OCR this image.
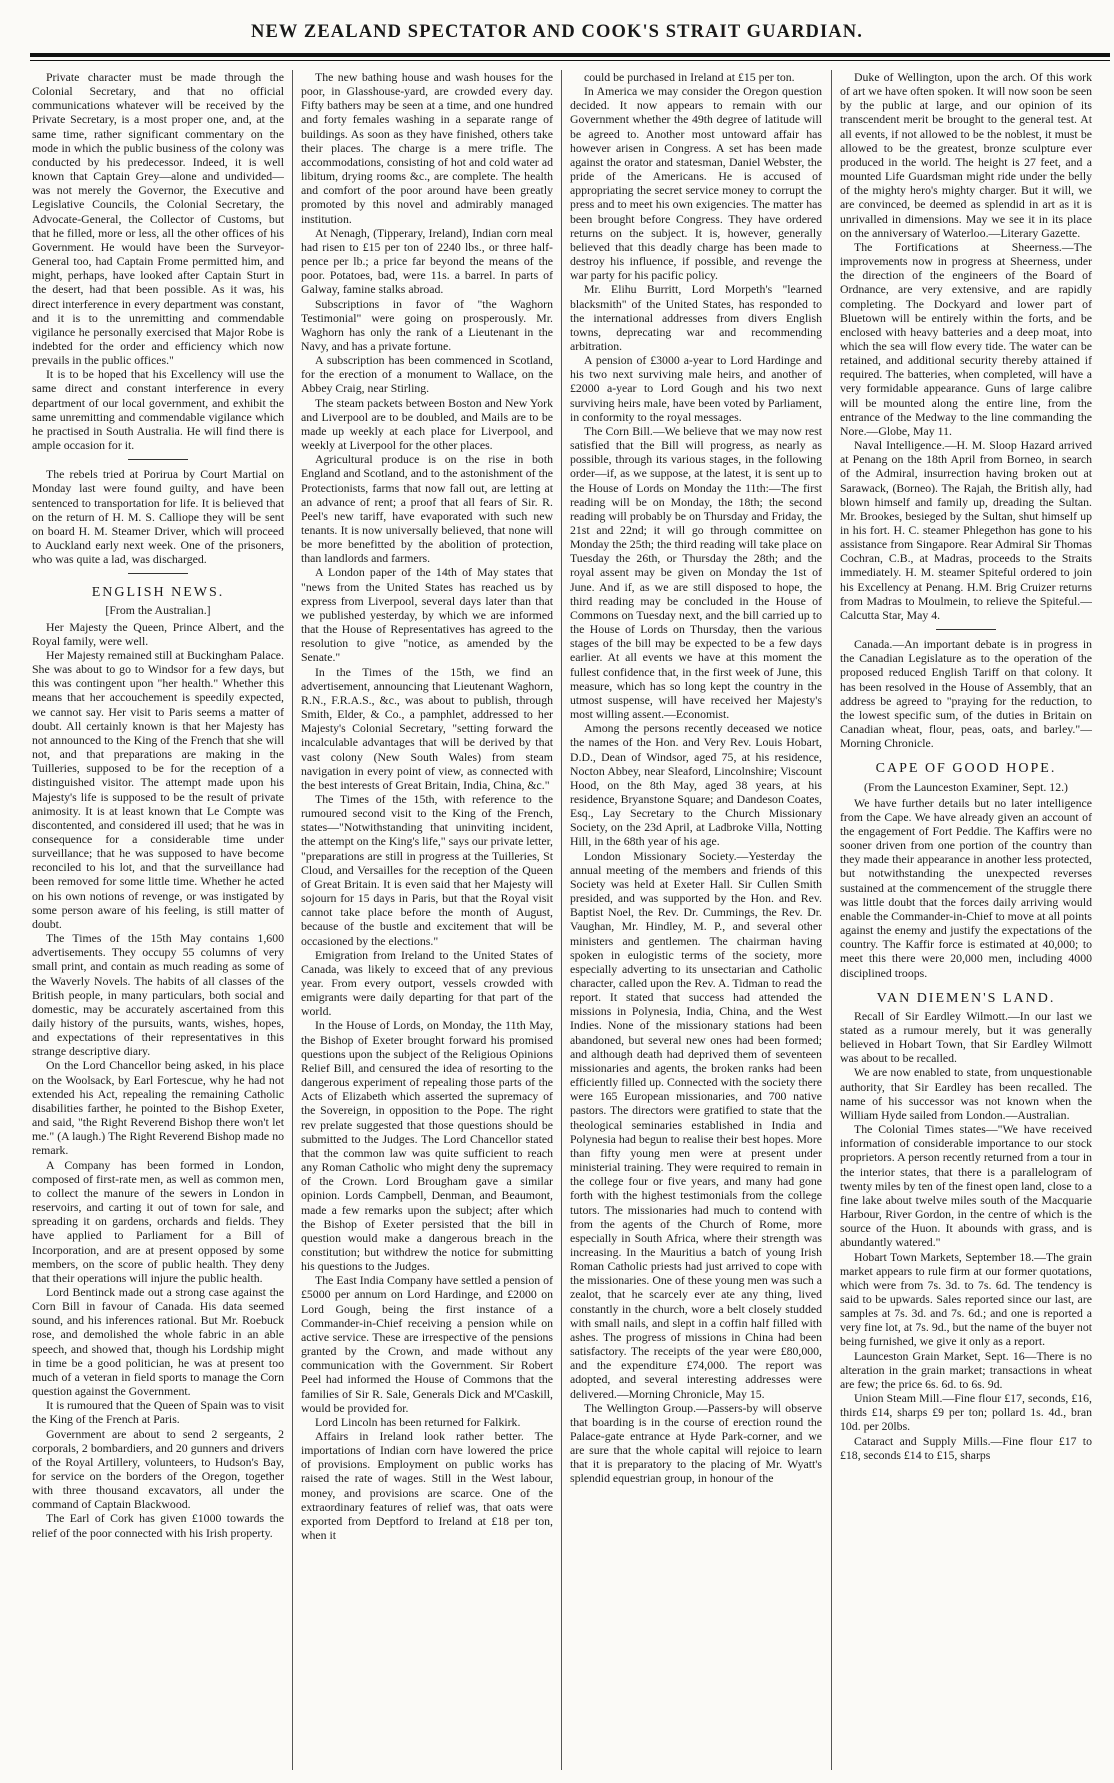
NEW ZEALAND SPECTATOR AND COOK'S STRAIT GUARDIAN.

Private character must be made through the Colonial Secretary, and that no official communications whatever will be received by the Private Secretary, is a most proper one, and, at the same time, rather significant commentary on the mode in which the public business of the colony was conducted by his predecessor. Indeed, it is well known that Captain Grey—alone and undivided—was not merely the Governor, the Executive and Legislative Councils, the Colonial Secretary, the Advocate-General, the Collector of Customs, but that he filled, more or less, all the other offices of his Government. He would have been the Surveyor-General too, had Captain Frome permitted him, and might, perhaps, have looked after Captain Sturt in the desert, had that been possible. As it was, his direct interference in every department was constant, and it is to the unremitting and commendable vigilance he personally exercised that Major Robe is indebted for the order and efficiency which now prevails in the public offices."

It is to be hoped that his Excellency will use the same direct and constant interference in every department of our local government, and exhibit the same unremitting and commendable vigilance which he practised in South Australia. He will find there is ample occasion for it.

The rebels tried at Porirua by Court Martial on Monday last were found guilty, and have been sentenced to transportation for life. It is believed that on the return of H. M. S. Calliope they will be sent on board H. M. Steamer Driver, which will proceed to Auckland early next week. One of the prisoners, who was quite a lad, was discharged.

ENGLISH NEWS.

[From the Australian.]

Her Majesty the Queen, Prince Albert, and the Royal family, were well.

Her Majesty remained still at Buckingham Palace. She was about to go to Windsor for a few days, but this was contingent upon "her health." Whether this means that her accouchement is speedily expected, we cannot say. Her visit to Paris seems a matter of doubt. All certainly known is that her Majesty has not announced to the King of the French that she will not, and that preparations are making in the Tuilleries, supposed to be for the reception of a distinguished visitor. The attempt made upon his Majesty's life is supposed to be the result of private animosity. It is at least known that Le Compte was discontented, and considered ill used; that he was in consequence for a considerable time under surveillance; that he was supposed to have become reconciled to his lot, and that the surveillance had been removed for some little time. Whether he acted on his own notions of revenge, or was instigated by some person aware of his feeling, is still matter of doubt.

The Times of the 15th May contains 1,600 advertisements. They occupy 55 columns of very small print, and contain as much reading as some of the Waverly Novels. The habits of all classes of the British people, in many particulars, both social and domestic, may be accurately ascertained from this daily history of the pursuits, wants, wishes, hopes, and expectations of their representatives in this strange descriptive diary.

On the Lord Chancellor being asked, in his place on the Woolsack, by Earl Fortescue, why he had not extended his Act, repealing the remaining Catholic disabilities farther, he pointed to the Bishop Exeter, and said, "the Right Reverend Bishop there won't let me." (A laugh.) The Right Reverend Bishop made no remark.

A Company has been formed in London, composed of first-rate men, as well as common men, to collect the manure of the sewers in London in reservoirs, and carting it out of town for sale, and spreading it on gardens, orchards and fields. They have applied to Parliament for a Bill of Incorporation, and are at present opposed by some members, on the score of public health. They deny that their operations will injure the public health.

Lord Bentinck made out a strong case against the Corn Bill in favour of Canada. His data seemed sound, and his inferences rational. But Mr. Roebuck rose, and demolished the whole fabric in an able speech, and showed that, though his Lordship might in time be a good politician, he was at present too much of a veteran in field sports to manage the Corn question against the Government.

It is rumoured that the Queen of Spain was to visit the King of the French at Paris.

Government are about to send 2 sergeants, 2 corporals, 2 bombardiers, and 20 gunners and drivers of the Royal Artillery, volunteers, to Hudson's Bay, for service on the borders of the Oregon, together with three thousand excavators, all under the command of Captain Blackwood.

The Earl of Cork has given £1000 towards the relief of the poor connected with his Irish property.

The new bathing house and wash houses for the poor, in Glasshouse-yard, are crowded every day. Fifty bathers may be seen at a time, and one hundred and forty females washing in a separate range of buildings. As soon as they have finished, others take their places. The charge is a mere trifle. The accommodations, consisting of hot and cold water ad libitum, drying rooms &c., are complete. The health and comfort of the poor around have been greatly promoted by this novel and admirably managed institution.

At Nenagh, (Tipperary, Ireland), Indian corn meal had risen to £15 per ton of 2240 lbs., or three half-pence per lb.; a price far beyond the means of the poor. Potatoes, bad, were 11s. a barrel. In parts of Galway, famine stalks abroad.

Subscriptions in favor of "the Waghorn Testimonial" were going on prosperously. Mr. Waghorn has only the rank of a Lieutenant in the Navy, and has a private fortune.

A subscription has been commenced in Scotland, for the erection of a monument to Wallace, on the Abbey Craig, near Stirling.

The steam packets between Boston and New York and Liverpool are to be doubled, and Mails are to be made up weekly at each place for Liverpool, and weekly at Liverpool for the other places.

Agricultural produce is on the rise in both England and Scotland, and to the astonishment of the Protectionists, farms that now fall out, are letting at an advance of rent; a proof that all fears of Sir. R. Peel's new tariff, have evaporated with such new tenants. It is now universally believed, that none will be more benefitted by the abolition of protection, than landlords and farmers.

A London paper of the 14th of May states that "news from the United States has reached us by express from Liverpool, several days later than that we published yesterday, by which we are informed that the House of Representatives has agreed to the resolution to give "notice, as amended by the Senate."

In the Times of the 15th, we find an advertisement, announcing that Lieutenant Waghorn, R.N., F.R.A.S., &c., was about to publish, through Smith, Elder, & Co., a pamphlet, addressed to her Majesty's Colonial Secretary, "setting forward the incalculable advantages that will be derived by that vast colony (New South Wales) from steam navigation in every point of view, as connected with the best interests of Great Britain, India, China, &c."

The Times of the 15th, with reference to the rumoured second visit to the King of the French, states—"Notwithstanding that uninviting incident, the attempt on the King's life," says our private letter, "preparations are still in progress at the Tuilleries, St Cloud, and Versailles for the reception of the Queen of Great Britain. It is even said that her Majesty will sojourn for 15 days in Paris, but that the Royal visit cannot take place before the month of August, because of the bustle and excitement that will be occasioned by the elections."

Emigration from Ireland to the United States of Canada, was likely to exceed that of any previous year. From every outport, vessels crowded with emigrants were daily departing for that part of the world.

In the House of Lords, on Monday, the 11th May, the Bishop of Exeter brought forward his promised questions upon the subject of the Religious Opinions Relief Bill, and censured the idea of resorting to the dangerous experiment of repealing those parts of the Acts of Elizabeth which asserted the supremacy of the Sovereign, in opposition to the Pope. The right rev prelate suggested that those questions should be submitted to the Judges. The Lord Chancellor stated that the common law was quite sufficient to reach any Roman Catholic who might deny the supremacy of the Crown. Lord Brougham gave a similar opinion. Lords Campbell, Denman, and Beaumont, made a few remarks upon the subject; after which the Bishop of Exeter persisted that the bill in question would make a dangerous breach in the constitution; but withdrew the notice for submitting his questions to the Judges.

The East India Company have settled a pension of £5000 per annum on Lord Hardinge, and £2000 on Lord Gough, being the first instance of a Commander-in-Chief receiving a pension while on active service. These are irrespective of the pensions granted by the Crown, and made without any communication with the Government. Sir Robert Peel had informed the House of Commons that the families of Sir R. Sale, Generals Dick and M'Caskill, would be provided for.

Lord Lincoln has been returned for Falkirk.

Affairs in Ireland look rather better. The importations of Indian corn have lowered the price of provisions. Employment on public works has raised the rate of wages. Still in the West labour, money, and provisions are scarce. One of the extraordinary features of relief was, that oats were exported from Deptford to Ireland at £18 per ton, when it

could be purchased in Ireland at £15 per ton.

In America we may consider the Oregon question decided. It now appears to remain with our Government whether the 49th degree of latitude will be agreed to. Another most untoward affair has however arisen in Congress. A set has been made against the orator and statesman, Daniel Webster, the pride of the Americans. He is accused of appropriating the secret service money to corrupt the press and to meet his own exigencies. The matter has been brought before Congress. They have ordered returns on the subject. It is, however, generally believed that this deadly charge has been made to destroy his influence, if possible, and revenge the war party for his pacific policy.

Mr. Elihu Burritt, Lord Morpeth's "learned blacksmith" of the United States, has responded to the international addresses from divers English towns, deprecating war and recommending arbitration.

A pension of £3000 a-year to Lord Hardinge and his two next surviving male heirs, and another of £2000 a-year to Lord Gough and his two next surviving heirs male, have been voted by Parliament, in conformity to the royal messages.

The Corn Bill.—We believe that we may now rest satisfied that the Bill will progress, as nearly as possible, through its various stages, in the following order—if, as we suppose, at the latest, it is sent up to the House of Lords on Monday the 11th:—The first reading will be on Monday, the 18th; the second reading will probably be on Thursday and Friday, the 21st and 22nd; it will go through committee on Monday the 25th; the third reading will take place on Tuesday the 26th, or Thursday the 28th; and the royal assent may be given on Monday the 1st of June. And if, as we are still disposed to hope, the third reading may be concluded in the House of Commons on Tuesday next, and the bill carried up to the House of Lords on Thursday, then the various stages of the bill may be expected to be a few days earlier. At all events we have at this moment the fullest confidence that, in the first week of June, this measure, which has so long kept the country in the utmost suspense, will have received her Majesty's most willing assent.—Economist.

Among the persons recently deceased we notice the names of the Hon. and Very Rev. Louis Hobart, D.D., Dean of Windsor, aged 75, at his residence, Nocton Abbey, near Sleaford, Lincolnshire; Viscount Hood, on the 8th May, aged 38 years, at his residence, Bryanstone Square; and Dandeson Coates, Esq., Lay Secretary to the Church Missionary Society, on the 23d April, at Ladbroke Villa, Notting Hill, in the 68th year of his age.

London Missionary Society.—Yesterday the annual meeting of the members and friends of this Society was held at Exeter Hall. Sir Cullen Smith presided, and was supported by the Hon. and Rev. Baptist Noel, the Rev. Dr. Cummings, the Rev. Dr. Vaughan, Mr. Hindley, M. P., and several other ministers and gentlemen. The chairman having spoken in eulogistic terms of the society, more especially adverting to its unsectarian and Catholic character, called upon the Rev. A. Tidman to read the report. It stated that success had attended the missions in Polynesia, India, China, and the West Indies. None of the missionary stations had been abandoned, but several new ones had been formed; and although death had deprived them of seventeen missionaries and agents, the broken ranks had been efficiently filled up. Connected with the society there were 165 European missionaries, and 700 native pastors. The directors were gratified to state that the theological seminaries established in India and Polynesia had begun to realise their best hopes. More than fifty young men were at present under ministerial training. They were required to remain in the college four or five years, and many had gone forth with the highest testimonials from the college tutors. The missionaries had much to contend with from the agents of the Church of Rome, more especially in South Africa, where their strength was increasing. In the Mauritius a batch of young Irish Roman Catholic priests had just arrived to cope with the missionaries. One of these young men was such a zealot, that he scarcely ever ate any thing, lived constantly in the church, wore a belt closely studded with small nails, and slept in a coffin half filled with ashes. The progress of missions in China had been satisfactory. The receipts of the year were £80,000, and the expenditure £74,000. The report was adopted, and several interesting addresses were delivered.—Morning Chronicle, May 15.

The Wellington Group.—Passers-by will observe that boarding is in the course of erection round the Palace-gate entrance at Hyde Park-corner, and we are sure that the whole capital will rejoice to learn that it is preparatory to the placing of Mr. Wyatt's splendid equestrian group, in honour of the

Duke of Wellington, upon the arch. Of this work of art we have often spoken. It will now soon be seen by the public at large, and our opinion of its transcendent merit be brought to the general test. At all events, if not allowed to be the noblest, it must be allowed to be the greatest, bronze sculpture ever produced in the world. The height is 27 feet, and a mounted Life Guardsman might ride under the belly of the mighty hero's mighty charger. But it will, we are convinced, be deemed as splendid in art as it is unrivalled in dimensions. May we see it in its place on the anniversary of Waterloo.—Literary Gazette.

The Fortifications at Sheerness.—The improvements now in progress at Sheerness, under the direction of the engineers of the Board of Ordnance, are very extensive, and are rapidly completing. The Dockyard and lower part of Bluetown will be entirely within the forts, and be enclosed with heavy batteries and a deep moat, into which the sea will flow every tide. The water can be retained, and additional security thereby attained if required. The batteries, when completed, will have a very formidable appearance. Guns of large calibre will be mounted along the entire line, from the entrance of the Medway to the line commanding the Nore.—Globe, May 11.

Naval Intelligence.—H. M. Sloop Hazard arrived at Penang on the 18th April from Borneo, in search of the Admiral, insurrection having broken out at Sarawack, (Borneo). The Rajah, the British ally, had blown himself and family up, dreading the Sultan. Mr. Brookes, besieged by the Sultan, shut himself up in his fort. H. C. steamer Phlegethon has gone to his assistance from Singapore. Rear Admiral Sir Thomas Cochran, C.B., at Madras, proceeds to the Straits immediately. H. M. steamer Spiteful ordered to join his Excellency at Penang. H.M. Brig Cruizer returns from Madras to Moulmein, to relieve the Spiteful.—Calcutta Star, May 4.

Canada.—An important debate is in progress in the Canadian Legislature as to the operation of the proposed reduced English Tariff on that colony. It has been resolved in the House of Assembly, that an address be agreed to "praying for the reduction, to the lowest specific sum, of the duties in Britain on Canadian wheat, flour, peas, oats, and barley."—Morning Chronicle.

CAPE OF GOOD HOPE.

(From the Launceston Examiner, Sept. 12.)

We have further details but no later intelligence from the Cape. We have already given an account of the engagement of Fort Peddie. The Kaffirs were no sooner driven from one portion of the country than they made their appearance in another less protected, but notwithstanding the unexpected reverses sustained at the commencement of the struggle there was little doubt that the forces daily arriving would enable the Commander-in-Chief to move at all points against the enemy and justify the expectations of the country. The Kaffir force is estimated at 40,000; to meet this there were 20,000 men, including 4000 disciplined troops.

VAN DIEMEN'S LAND.

Recall of Sir Eardley Wilmott.—In our last we stated as a rumour merely, but it was generally believed in Hobart Town, that Sir Eardley Wilmott was about to be recalled.

We are now enabled to state, from unquestionable authority, that Sir Eardley has been recalled. The name of his successor was not known when the William Hyde sailed from London.—Australian.

The Colonial Times states—"We have received information of considerable importance to our stock proprietors. A person recently returned from a tour in the interior states, that there is a parallelogram of twenty miles by ten of the finest open land, close to a fine lake about twelve miles south of the Macquarie Harbour, River Gordon, in the centre of which is the source of the Huon. It abounds with grass, and is abundantly watered."

Hobart Town Markets, September 18.—The grain market appears to rule firm at our former quotations, which were from 7s. 3d. to 7s. 6d. The tendency is said to be upwards. Sales reported since our last, are samples at 7s. 3d. and 7s. 6d.; and one is reported a very fine lot, at 7s. 9d., but the name of the buyer not being furnished, we give it only as a report.

Launceston Grain Market, Sept. 16—There is no alteration in the grain market; transactions in wheat are few; the price 6s. 6d. to 6s. 9d.

Union Steam Mill.—Fine flour £17, seconds, £16, thirds £14, sharps £9 per ton; pollard 1s. 4d., bran 10d. per 20lbs.

Cataract and Supply Mills.—Fine flour £17 to £18, seconds £14 to £15, sharps
